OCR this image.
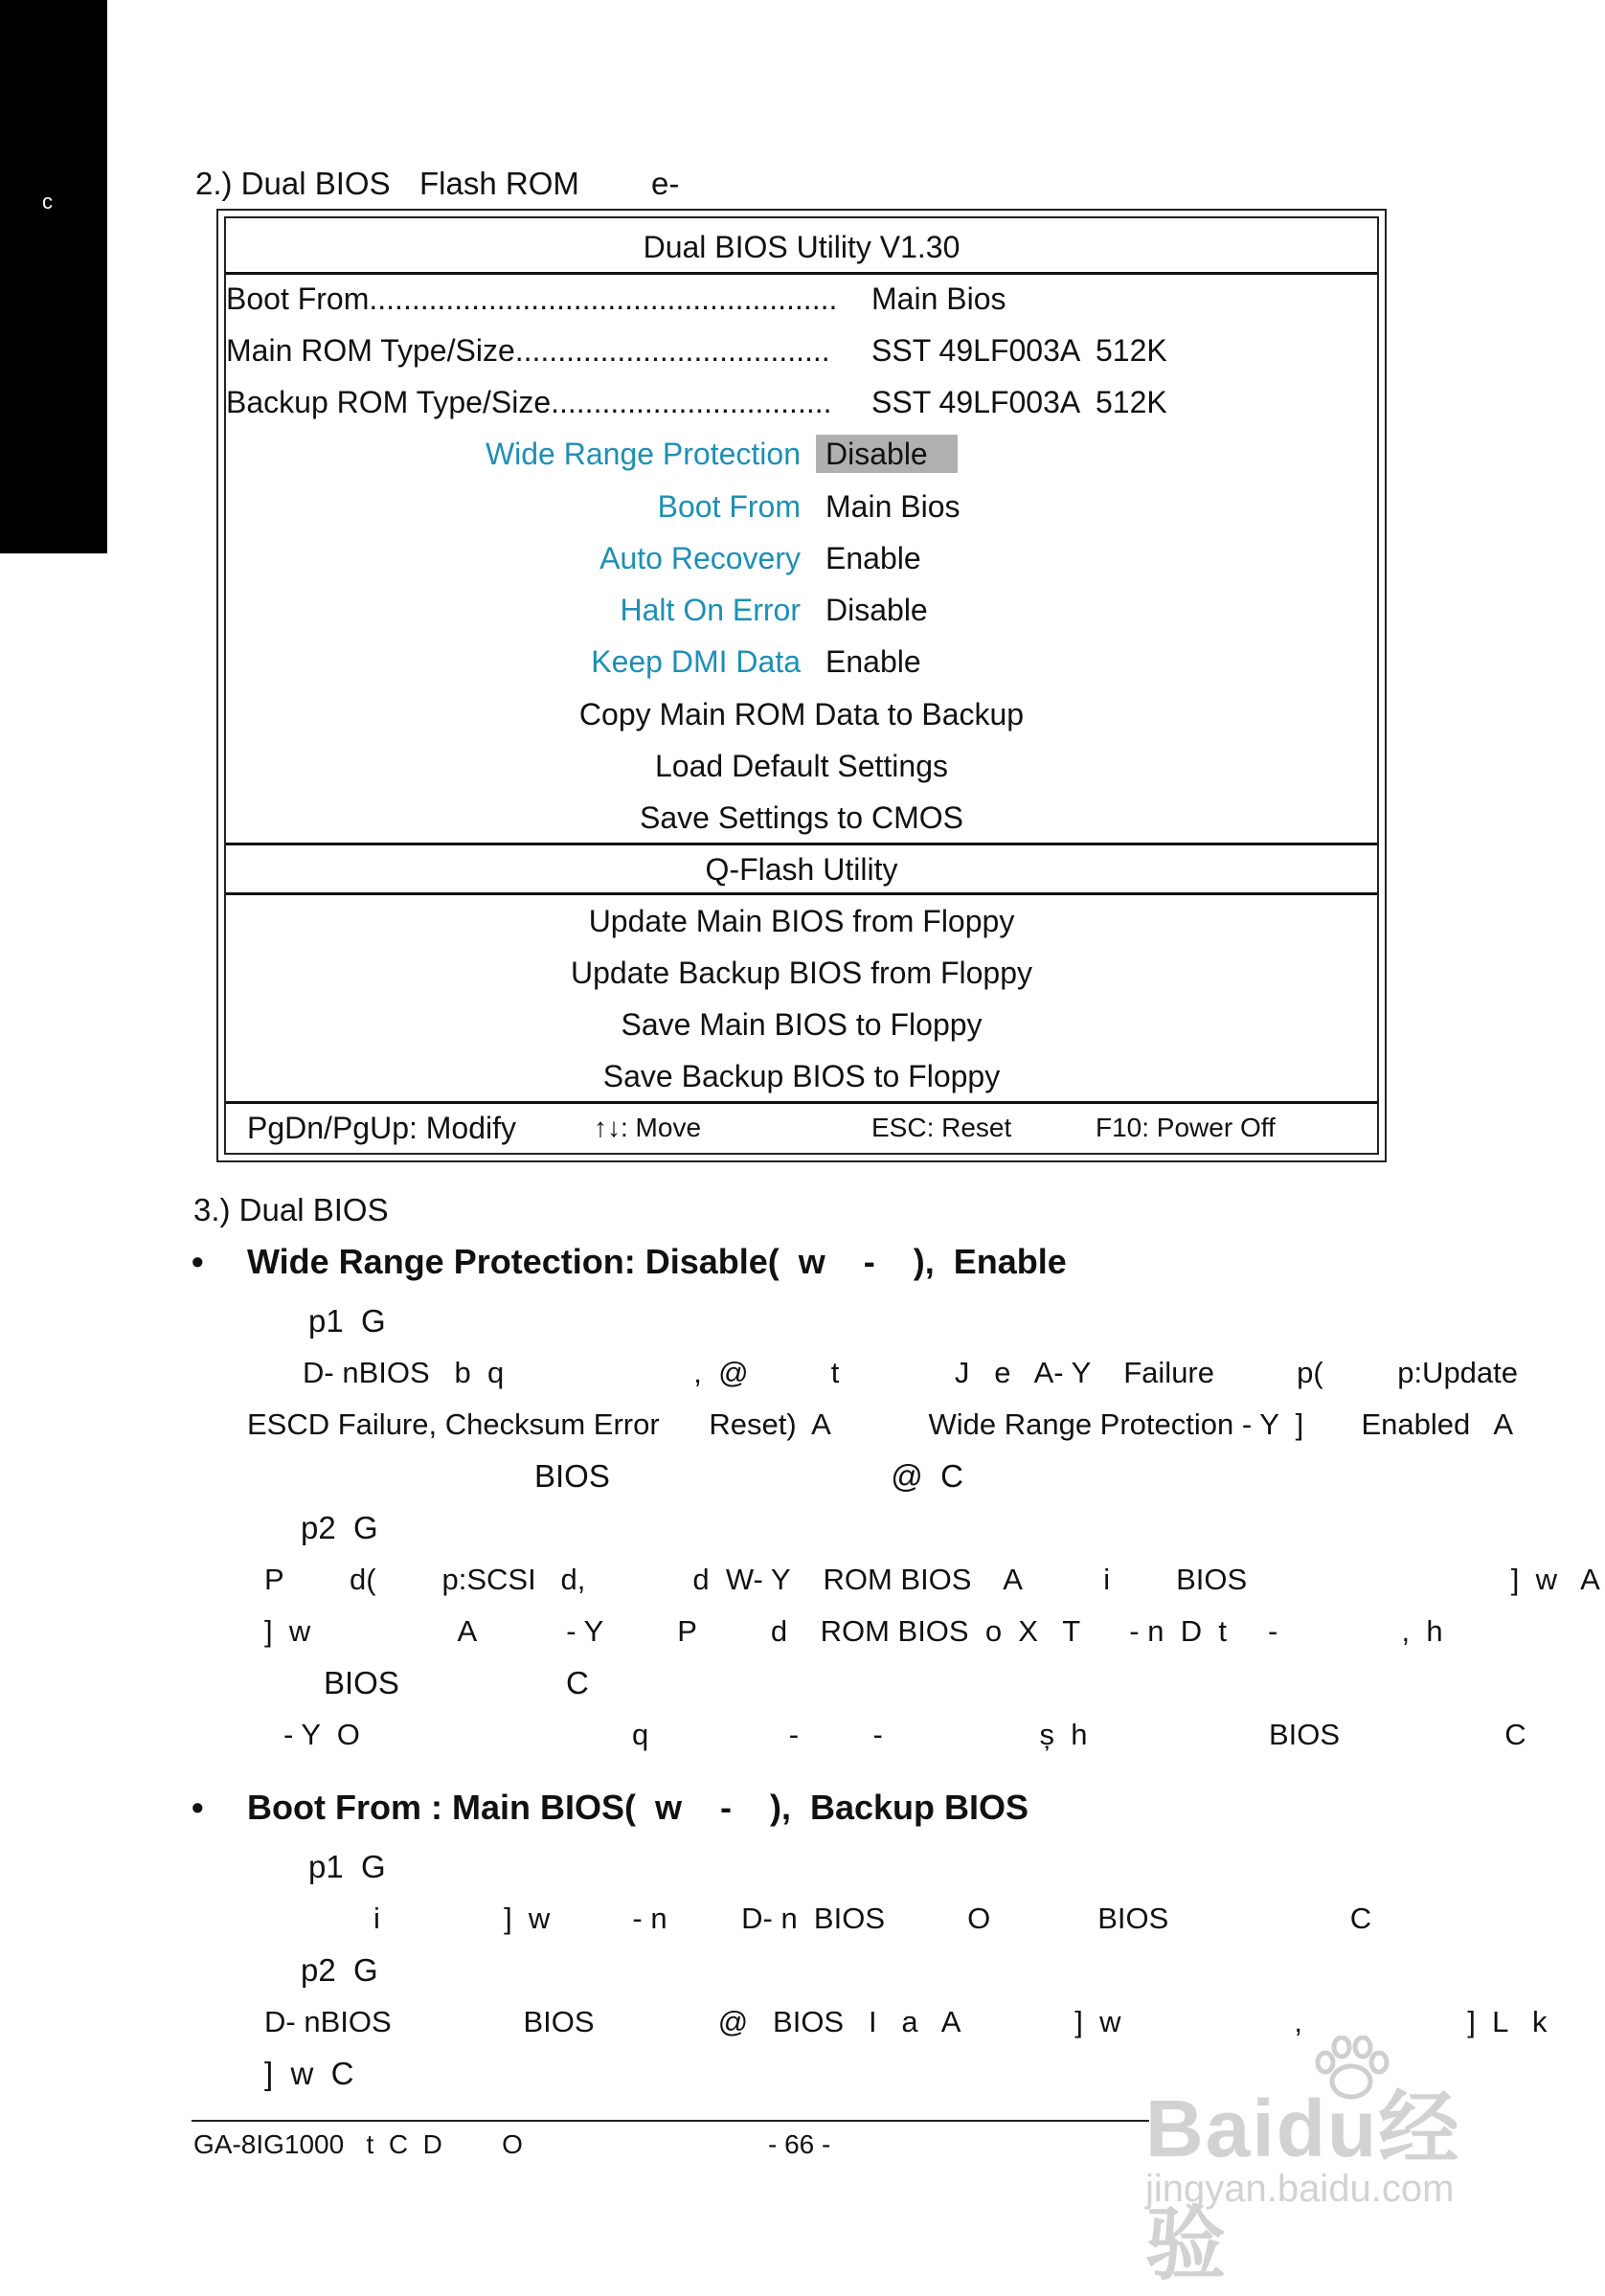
c
2.) Dual BIOS Flash ROM e-
Dual BIOS Utility V1.30
Boot From....................................................... Main Bios
Main ROM Type/Size..................................... SST 49LF003A 512K
Backup ROM Type/Size................................. SST 49LF003A 512K
Wide Range Protection Disable
Boot From Main Bios
Auto Recovery Enable
Halt On Error Disable
Keep DMI Data Enable
Copy Main ROM Data to Backup
Load Default Settings
Save Settings to CMOS
Q-Flash Utility
Update Main BIOS from Floppy
Update Backup BIOS from Floppy
Save Main BIOS to Floppy
Save Backup BIOS to Floppy
PgDn/PgUp: Modify	↑↓: Move	ESC: Reset	F10: Power Off
3.) Dual BIOS
• Wide Range Protection: Disable(  w    -    ),  Enable
p1  G
D- nBIOS   b  q                       ,  @          t              J   e   A- Y    Failure          p(         p:Update
ESCD Failure, Checksum Error      Reset)  A            Wide Range Protection - Y  ]       Enabled   A
BIOS                                @  C
p2  G
P        d(        p:SCSI   d,             d  W- Y    ROM BIOS    A          i        BIOS                                ]  w   A
]  w                  A           - Y         P         d    ROM BIOS  o  X   T      - n  D  t     -               ,  h
BIOS                   C
- Y  O                                 q                 -         -                   ș  h                      BIOS                    C
• Boot From : Main BIOS(  w    -    ),  Backup BIOS
p1  G
i               ]  w          - n         D- n  BIOS          O             BIOS                      C
p2  G
D- nBIOS                BIOS               @   BIOS   I   a   A              ]  w                     ,                    ]  L   k
]  w  C
GA-8IG1000   t  C  D        O	- 66 -	Baidu经验
jingyan.baidu.com
